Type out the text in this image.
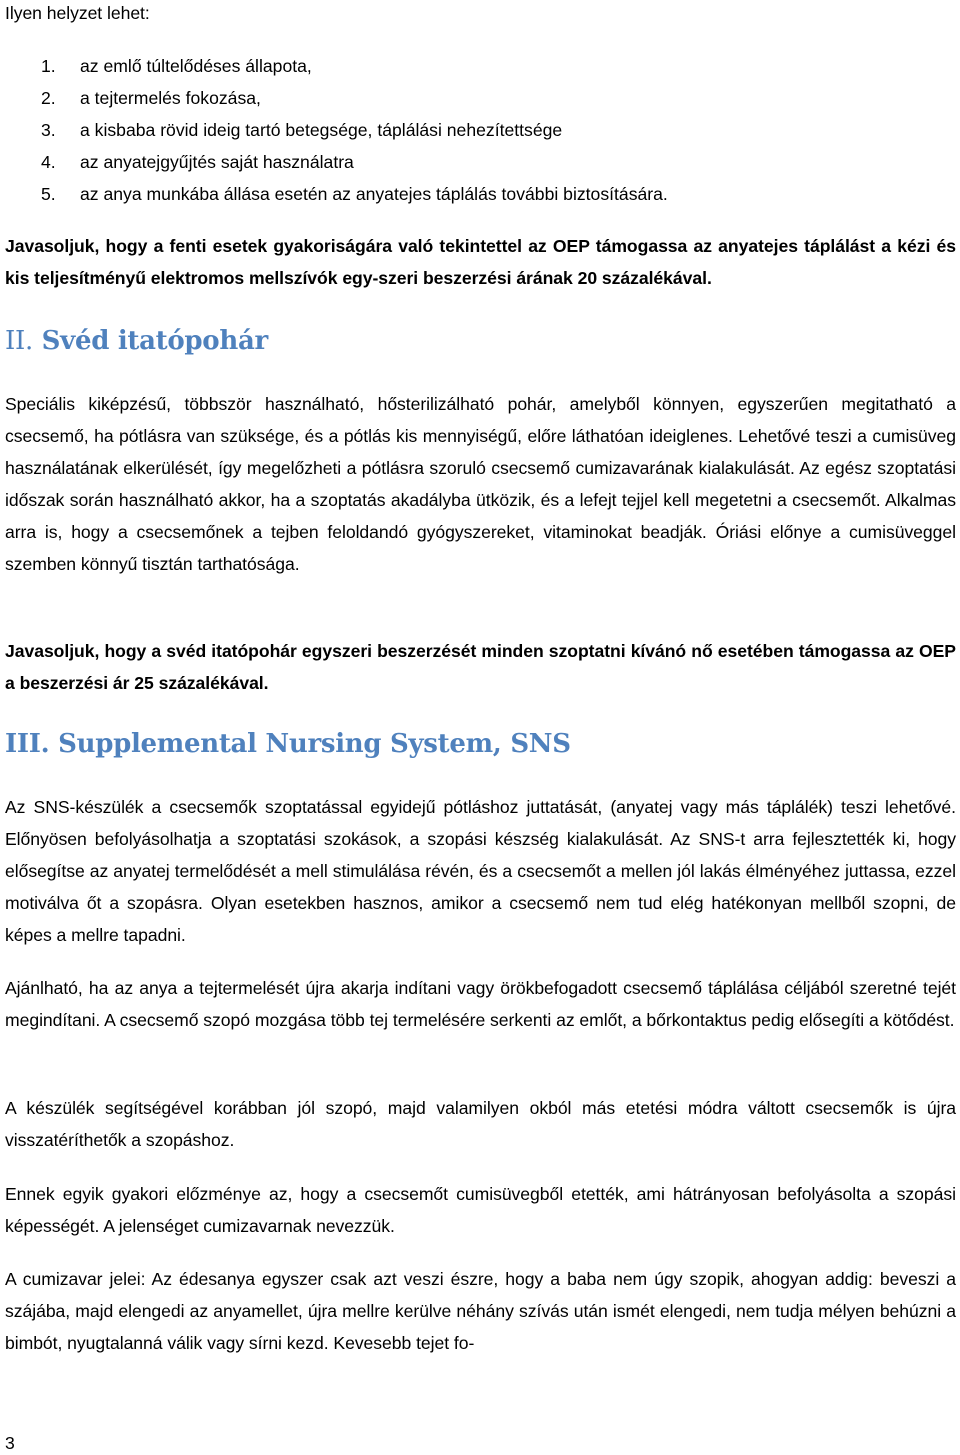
Ilyen helyzet lehet:

1. az emlő túltelődéses állapota,
2. a tejtermelés fokozása,
3. a kisbaba rövid ideig tartó betegsége, táplálási nehezítettsége
4. az anyatejgyűjtés saját használatra
5. az anya munkába állása esetén az anyatejes táplálás további biztosítására.

Javasoljuk, hogy a fenti esetek gyakoriságára való tekintettel az OEP támogassa az anyatejes táplálást a kézi és kis teljesítményű elektromos mellszívók egy-szeri beszerzési árának 20 százalékával.

II. Svéd itatópohár

Speciális kiképzésű, többször használható, hősterilizálható pohár, amelyből könnyen, egyszerűen megitatható a csecsemő, ha pótlásra van szüksége, és a pótlás kis mennyiségű, előre láthatóan ideiglenes. Lehetővé teszi a cumisüveg használatának elkerülését, így megelőzheti a pótlásra szoruló csecsemő cumizavarának kialakulását. Az egész szoptatási időszak során használható akkor, ha a szoptatás akadályba ütközik, és a lefejt tejjel kell megetetni a csecsemőt. Alkalmas arra is, hogy a csecsemőnek a tejben feloldandó gyógyszereket, vitaminokat beadják. Óriási előnye a cumisüveggel szemben könnyű tisztán tarthatósága.

Javasoljuk, hogy a svéd itatópohár egyszeri beszerzését minden szoptatni kívánó nő esetében támogassa az OEP a beszerzési ár 25 százalékával.

III. Supplemental Nursing System, SNS

Az SNS-készülék a csecsemők szoptatással egyidejű pótláshoz juttatását, (anyatej vagy más táplálék) teszi lehetővé. Előnyösen befolyásolhatja a szoptatási szokások, a szopási készség kialakulását. Az SNS-t arra fejlesztették ki, hogy elősegítse az anyatej termelődését a mell stimulálása révén, és a csecsemőt a mellen jól lakás élményéhez juttassa, ezzel motiválva őt a szopásra. Olyan esetekben hasznos, amikor a csecsemő nem tud elég hatékonyan mellből szopni, de képes a mellre tapadni.

Ajánlható, ha az anya a tejtermelését újra akarja indítani vagy örökbefogadott csecsemő táplálása céljából szeretné tejét megindítani. A csecsemő szopó mozgása több tej termelésére serkenti az emlőt, a bőrkontaktus pedig elősegíti a kötődést.

A készülék segítségével korábban jól szopó, majd valamilyen okból más etetési módra váltott csecsemők is újra visszatéríthetők a szopáshoz.

Ennek egyik gyakori előzménye az, hogy a csecsemőt cumisüvegből etették, ami hátrányosan befolyásolta a szopási képességét. A jelenséget cumizavarnak nevezzük.

A cumizavar jelei: Az édesanya egyszer csak azt veszi észre, hogy a baba nem úgy szopik, ahogyan addig: beveszi a szájába, majd elengedi az anyamellet, újra mellre kerülve néhány szívás után ismét elengedi, nem tudja mélyen behúzni a bimbót, nyugtalanná válik vagy sírni kezd. Kevesebb tejet fo-

3
